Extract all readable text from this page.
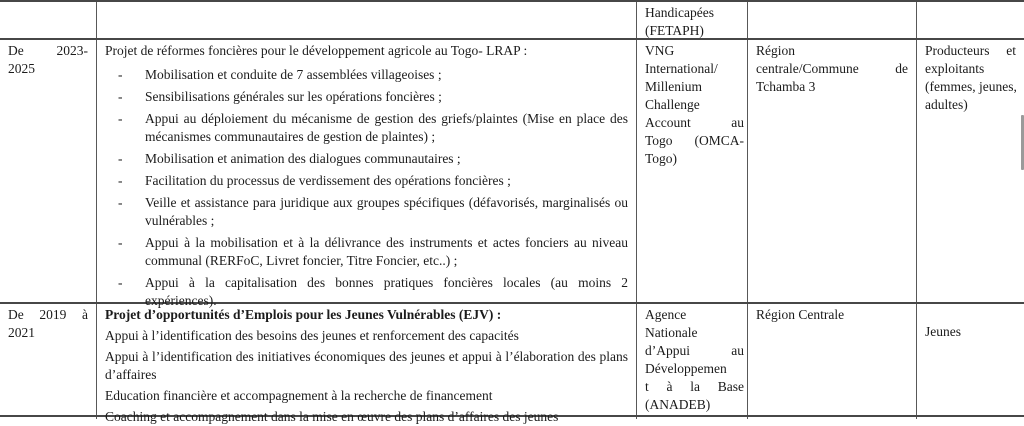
Handicapées
(FETAPH)
De 2023-
2025
Projet de réformes foncières pour le développement agricole au Togo- LRAP :
- Mobilisation et conduite de 7 assemblées villageoises ;
- Sensibilisations générales sur les opérations foncières ;
- Appui au déploiement du mécanisme de gestion des griefs/plaintes (Mise en place des mécanismes communautaires de gestion de plaintes) ;
- Mobilisation et animation des dialogues communautaires ;
- Facilitation du processus de verdissement des opérations foncières ;
- Veille et assistance para juridique aux groupes spécifiques (défavorisés, marginalisés ou vulnérables ;
- Appui à la mobilisation et à la délivrance des instruments et actes fonciers au niveau communal (RERFoC, Livret foncier, Titre Foncier, etc..) ;
- Appui à la capitalisation des bonnes pratiques foncières locales (au moins 2 expériences).
VNG
International/
Millenium
Challenge
Account au
Togo (OMCA-
Togo)
Région
centrale/Commune de
Tchamba 3
Producteurs et
exploitants
(femmes, jeunes,
adultes)
De 2019 à
2021
Projet d’opportunités d’Emplois pour les Jeunes Vulnérables (EJV) :
Appui à l’identification des besoins des jeunes et renforcement des capacités
Appui à l’identification des initiatives économiques des jeunes et appui à l’élaboration des plans d’affaires
Education financière et accompagnement à la recherche de financement
Coaching et accompagnement dans la mise en œuvre des plans d’affaires des jeunes
Agence
Nationale
d’Appui au
Développemen
t à la Base
(ANADEB)
Région Centrale
Jeunes
